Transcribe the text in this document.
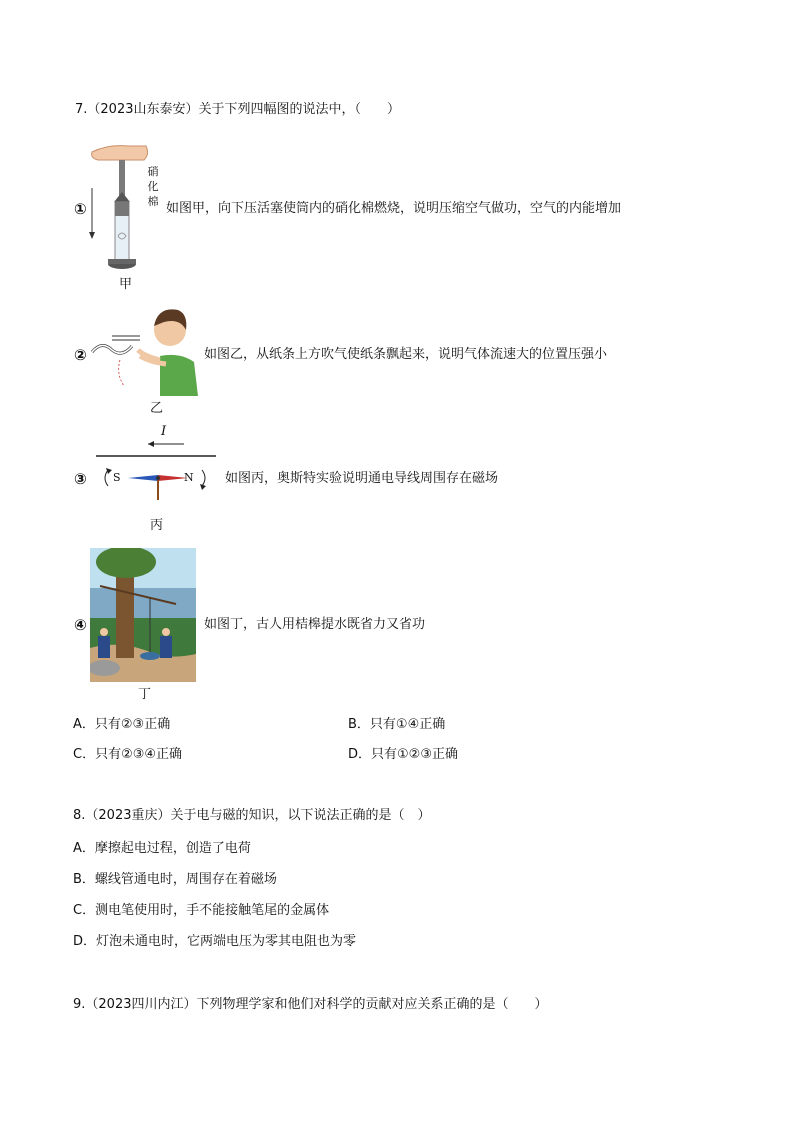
7.（2023山东泰安）关于下列四幅图的说法中，（　　）
硝
化
棉
①	如图甲，向下压活塞使筒内的硝化棉燃烧，说明压缩空气做功，空气的内能增加
甲
②	如图乙，从纸条上方吹气使纸条飘起来，说明气体流速大的位置压强小
乙
I
S	N
③	如图丙，奥斯特实验说明通电导线周围存在磁场
丙
④	如图丁，古人用桔槔提水既省力又省功
丁
A．只有②③正确	B．只有①④正确
C．只有②③④正确	D．只有①②③正确
8.（2023重庆）关于电与磁的知识，以下说法正确的是（　）
A．摩擦起电过程，创造了电荷
B．螺线管通电时，周围存在着磁场
C．测电笔使用时，手不能接触笔尾的金属体
D．灯泡未通电时，它两端电压为零其电阻也为零
9.（2023四川内江）下列物理学家和他们对科学的贡献对应关系正确的是（　　）
